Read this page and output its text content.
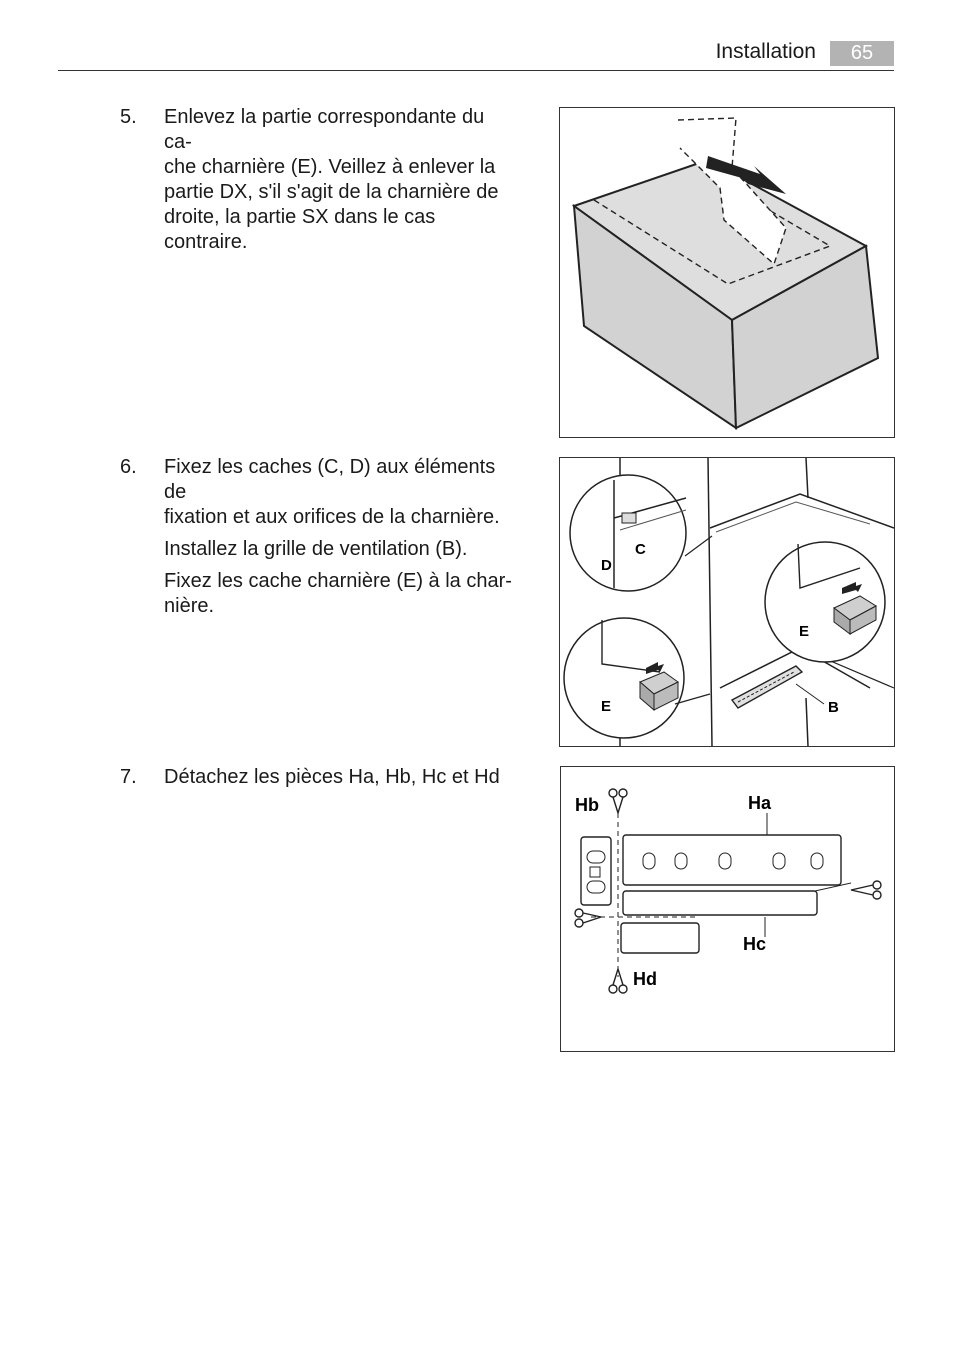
Installation	65
5.	Enlevez la partie correspondante du ca-
che charnière (E). Veillez à enlever la
partie DX, s'il s'agit de la charnière de
droite, la partie SX dans le cas contraire.
6.	Fixez les caches (C, D) aux éléments de
fixation et aux orifices de la charnière.

Installez la grille de ventilation (B).

Fixez les cache charnière (E) à la char-
nière.

7.	Détachez les pièces Ha, Hb, Hc et Hd
C
D
E
E	B
Hb	Ha
Hc
Hd
